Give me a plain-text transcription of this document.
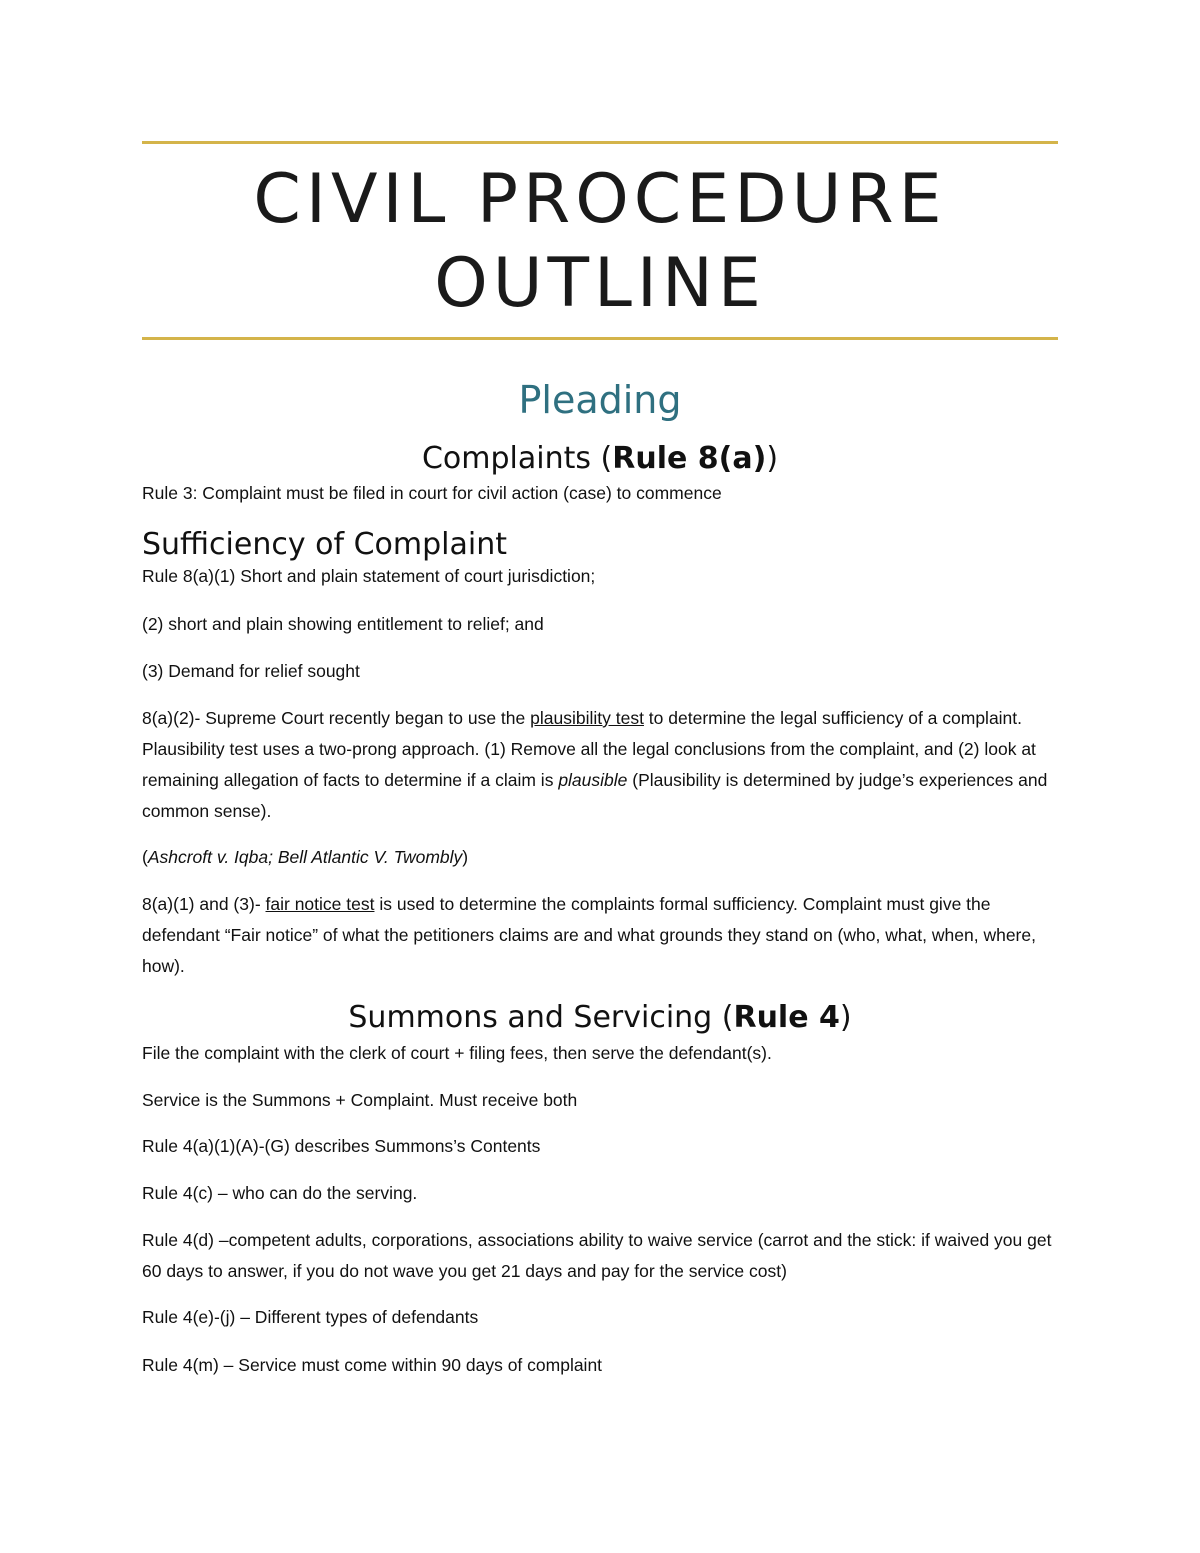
CIVIL PROCEDURE
OUTLINE
Pleading
Complaints (Rule 8(a))
Rule 3: Complaint must be filed in court for civil action (case) to commence
Sufficiency of Complaint
Rule 8(a)(1) Short and plain statement of court jurisdiction;
(2) short and plain showing entitlement to relief; and
(3) Demand for relief sought
8(a)(2)- Supreme Court recently began to use the plausibility test to determine the legal sufficiency of a complaint. Plausibility test uses a two-prong approach. (1) Remove all the legal conclusions from the complaint, and (2) look at remaining allegation of facts to determine if a claim is plausible (Plausibility is determined by judge’s experiences and common sense).
(Ashcroft v. Iqba; Bell Atlantic V. Twombly)
8(a)(1) and (3)- fair notice test is used to determine the complaints formal sufficiency. Complaint must give the defendant “Fair notice” of what the petitioners claims are and what grounds they stand on (who, what, when, where, how).
Summons and Servicing (Rule 4)
File the complaint with the clerk of court + filing fees, then serve the defendant(s).
Service is the Summons + Complaint. Must receive both
Rule 4(a)(1)(A)-(G) describes Summons’s Contents
Rule 4(c) – who can do the serving.
Rule 4(d) –competent adults, corporations, associations ability to waive service (carrot and the stick: if waived you get 60 days to answer, if you do not wave you get 21 days and pay for the service cost)
Rule 4(e)-(j) – Different types of defendants
Rule 4(m) – Service must come within 90 days of complaint
